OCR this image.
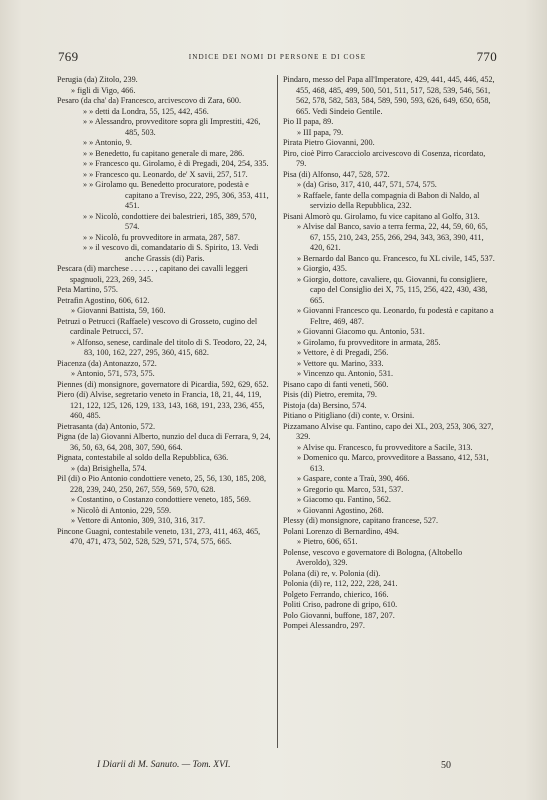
769	INDICE DEI NOMI DI PERSONE E DI COSE	770

Perugia (da) Zitolo, 239.

» figli di Vigo, 466.

Pesaro (da cha' da) Francesco, arcivescovo di Zara, 600.

» » detti da Londra, 55, 125, 442, 456.

» » Alessandro, provveditore sopra gli Imprestiti, 426, 485, 503.

» » Antonio, 9.

» » Benedetto, fu capitano generale di mare, 286.

» » Francesco qu. Girolamo, è di Pregadi, 204, 254, 335.

» » Francesco qu. Leonardo, de' X savii, 257, 517.

» » Girolamo qu. Benedetto procuratore, podestà e capitano a Treviso, 222, 295, 306, 353, 411, 451.

» » Nicolò, condottiere dei balestrieri, 185, 389, 570, 574.

» » Nicolò, fu provveditore in armata, 287, 587.

» » il vescovo di, comandatario di S. Spirito, 13. Vedi anche Grassis (di) Paris.

Pescara (di) marchese . . . . . . , capitano dei cavalli leggeri spagnuoli, 223, 269, 345.

Peta Martino, 575.

Petrafin Agostino, 606, 612.

» Giovanni Battista, 59, 160.

Petruzi o Petrucci (Raffaele) vescovo di Grosseto, cugino del cardinale Petrucci, 57.

» Alfonso, senese, cardinale del titolo di S. Teodoro, 22, 24, 83, 100, 162, 227, 295, 360, 415, 682.

Piacenza (da) Antonazzo, 572.

» Antonio, 571, 573, 575.

Piennes (di) monsignore, governatore di Picardia, 592, 629, 652.

Piero (di) Alvise, segretario veneto in Francia, 18, 21, 44, 119, 121, 122, 125, 126, 129, 133, 143, 168, 191, 233, 236, 455, 460, 485.

Pietrasanta (da) Antonio, 572.

Pigna (de la) Giovanni Alberto, nunzio del duca di Ferrara, 9, 24, 36, 50, 63, 64, 208, 307, 590, 664.

Pignata, contestabile al soldo della Repubblica, 636.

» (da) Brisighella, 574.

Pil (di) o Pio Antonio condottiere veneto, 25, 56, 130, 185, 208, 228, 239, 240, 250, 267, 559, 569, 570, 628.

» Costantino, o Costanzo condottiere veneto, 185, 569.

» Nicolò di Antonio, 229, 559.

» Vettore di Antonio, 309, 310, 316, 317.

Pincone Guagni, contestabile veneto, 131, 273, 411, 463, 465, 470, 471, 473, 502, 528, 529, 571, 574, 575, 665.

Pindaro, messo del Papa all'Imperatore, 429, 441, 445, 446, 452, 455, 468, 485, 499, 500, 501, 511, 517, 528, 539, 546, 561, 562, 578, 582, 583, 584, 589, 590, 593, 626, 649, 650, 658, 665. Vedi Sindeio Gentile.

Pio II papa, 89.

» III papa, 79.

Pirata Pietro Giovanni, 200.

Piro, cioè Pirro Caracciolo arcivescovo di Cosenza, ricordato, 79.

Pisa (di) Alfonso, 447, 528, 572.

» (da) Griso, 317, 410, 447, 571, 574, 575.

» Raffaele, fante della compagnia di Babon di Naldo, al servizio della Repubblica, 232.

Pisani Almorò qu. Girolamo, fu vice capitano al Golfo, 313.

» Alvise dal Banco, savio a terra ferma, 22, 44, 59, 60, 65, 67, 155, 210, 243, 255, 266, 294, 343, 363, 390, 411, 420, 621.

» Bernardo dal Banco qu. Francesco, fu XL civile, 145, 537.

» Giorgio, 435.

» Giorgio, dottore, cavaliere, qu. Giovanni, fu consigliere, capo del Consiglio dei X, 75, 115, 256, 422, 430, 438, 665.

» Giovanni Francesco qu. Leonardo, fu podestà e capitano a Feltre, 469, 487.

» Giovanni Giacomo qu. Antonio, 531.

» Girolamo, fu provveditore in armata, 285.

» Vettore, è di Pregadi, 256.

» Vettore qu. Marino, 333.

» Vincenzo qu. Antonio, 531.

Pisano capo di fanti veneti, 560.

Pisis (di) Pietro, eremita, 79.

Pistoja (da) Bersino, 574.

Pitiano o Pitigliano (di) conte, v. Orsini.

Pizzamano Alvise qu. Fantino, capo dei XL, 203, 253, 306, 327, 329.

» Alvise qu. Francesco, fu provveditore a Sacile, 313.

» Domenico qu. Marco, provveditore a Bassano, 412, 531, 613.

» Gaspare, conte a Traù, 390, 466.

» Gregorio qu. Marco, 531, 537.

» Giacomo qu. Fantino, 562.

» Giovanni Agostino, 268.

Plessy (di) monsignore, capitano francese, 527.

Polani Lorenzo di Bernardino, 494.

» Pietro, 606, 651.

Polense, vescovo e governatore di Bologna, (Altobello Averoldo), 329.

Polana (di) re, v. Polonia (di).

Polonia (di) re, 112, 222, 228, 241.

Polgeto Ferrando, chierico, 166.

Politi Criso, padrone di gripo, 610.

Polo Giovanni, buffone, 187, 207.

Pompei Alessandro, 297.

I Diarii di M. Sanuto. — Tom. XVI.	50
